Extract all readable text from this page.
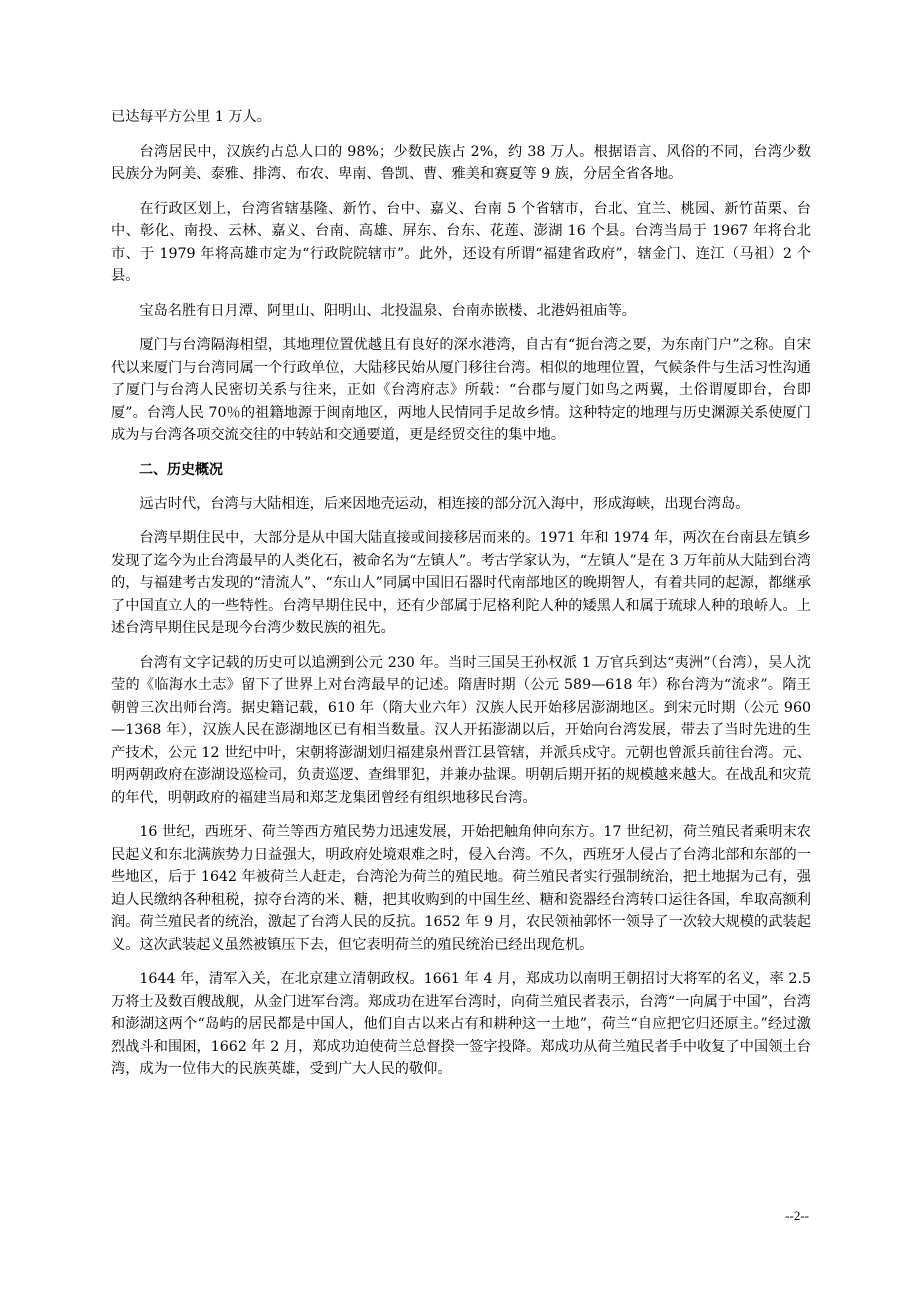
已达每平方公里 1 万人。

台湾居民中，汉族约占总人口的 98%；少数民族占 2%，约 38 万人。根据语言、风俗的不同，台湾少数民族分为阿美、泰雅、排湾、布农、卑南、鲁凯、曹、雅美和赛夏等 9 族，分居全省各地。

在行政区划上，台湾省辖基隆、新竹、台中、嘉义、台南 5 个省辖市，台北、宜兰、桃园、新竹苗栗、台中、彰化、南投、云林、嘉义、台南、高雄、屏东、台东、花莲、澎湖 16 个县。台湾当局于 1967 年将台北市、于 1979 年将高雄市定为“行政院院辖市”。此外，还设有所谓“福建省政府”，辖金门、连江（马祖）2 个县。

宝岛名胜有日月潭、阿里山、阳明山、北投温泉、台南赤嵌楼、北港妈祖庙等。

厦门与台湾隔海相望，其地理位置优越且有良好的深水港湾，自古有“扼台湾之要，为东南门户”之称。自宋代以来厦门与台湾同属一个行政单位，大陆移民始从厦门移往台湾。相似的地理位置，气候条件与生活习性沟通了厦门与台湾人民密切关系与往来，正如《台湾府志》所载：“台郡与厦门如鸟之两翼，土俗谓厦即台，台即厦”。台湾人民 70％的祖籍地源于闽南地区，两地人民情同手足故乡情。这种特定的地理与历史渊源关系使厦门成为与台湾各项交流交往的中转站和交通要道，更是经贸交往的集中地。

二、历史概况

远古时代，台湾与大陆相连，后来因地壳运动，相连接的部分沉入海中，形成海峡，出现台湾岛。

台湾早期住民中，大部分是从中国大陆直接或间接移居而来的。1971 年和 1974 年，两次在台南县左镇乡发现了迄今为止台湾最早的人类化石，被命名为“左镇人”。考古学家认为，“左镇人”是在 3 万年前从大陆到台湾的，与福建考古发现的“清流人”、“东山人”同属中国旧石器时代南部地区的晚期智人，有着共同的起源，都继承了中国直立人的一些特性。台湾早期住民中，还有少部属于尼格利陀人种的矮黑人和属于琉球人种的琅峤人。上述台湾早期住民是现今台湾少数民族的祖先。

台湾有文字记载的历史可以追溯到公元 230 年。当时三国吴王孙权派 1 万官兵到达“夷洲”（台湾），吴人沈莹的《临海水土志》留下了世界上对台湾最早的记述。隋唐时期（公元 589—618 年）称台湾为“流求”。隋王朝曾三次出师台湾。据史籍记载，610 年（隋大业六年）汉族人民开始移居澎湖地区。到宋元时期（公元 960—1368 年），汉族人民在澎湖地区已有相当数量。汉人开拓澎湖以后，开始向台湾发展，带去了当时先进的生产技术，公元 12 世纪中叶，宋朝将澎湖划归福建泉州晋江县管辖，并派兵戍守。元朝也曾派兵前往台湾。元、明两朝政府在澎湖设巡检司，负责巡逻、查缉罪犯，并兼办盐课。明朝后期开拓的规模越来越大。在战乱和灾荒的年代，明朝政府的福建当局和郑芝龙集团曾经有组织地移民台湾。

16 世纪，西班牙、荷兰等西方殖民势力迅速发展，开始把触角伸向东方。17 世纪初，荷兰殖民者乘明末农民起义和东北满族势力日益强大，明政府处境艰难之时，侵入台湾。不久，西班牙人侵占了台湾北部和东部的一些地区，后于 1642 年被荷兰人赶走，台湾沦为荷兰的殖民地。荷兰殖民者实行强制统治，把土地据为己有，强迫人民缴纳各种租税，掠夺台湾的米、糖，把其收购到的中国生丝、糖和瓷器经台湾转口运往各国，牟取高额利润。荷兰殖民者的统治，激起了台湾人民的反抗。1652 年 9 月，农民领袖郭怀一领导了一次较大规模的武装起义。这次武装起义虽然被镇压下去，但它表明荷兰的殖民统治已经出现危机。

1644 年，清军入关，在北京建立清朝政权。1661 年 4 月，郑成功以南明王朝招讨大将军的名义，率 2.5 万将士及数百艘战舰，从金门进军台湾。郑成功在进军台湾时，向荷兰殖民者表示，台湾“一向属于中国”，台湾和澎湖这两个“岛屿的居民都是中国人，他们自古以来占有和耕种这一土地”，荷兰“自应把它归还原主。”经过激烈战斗和围困，1662 年 2 月，郑成功迫使荷兰总督揆一签字投降。郑成功从荷兰殖民者手中收复了中国领土台湾，成为一位伟大的民族英雄，受到广大人民的敬仰。

--2--
